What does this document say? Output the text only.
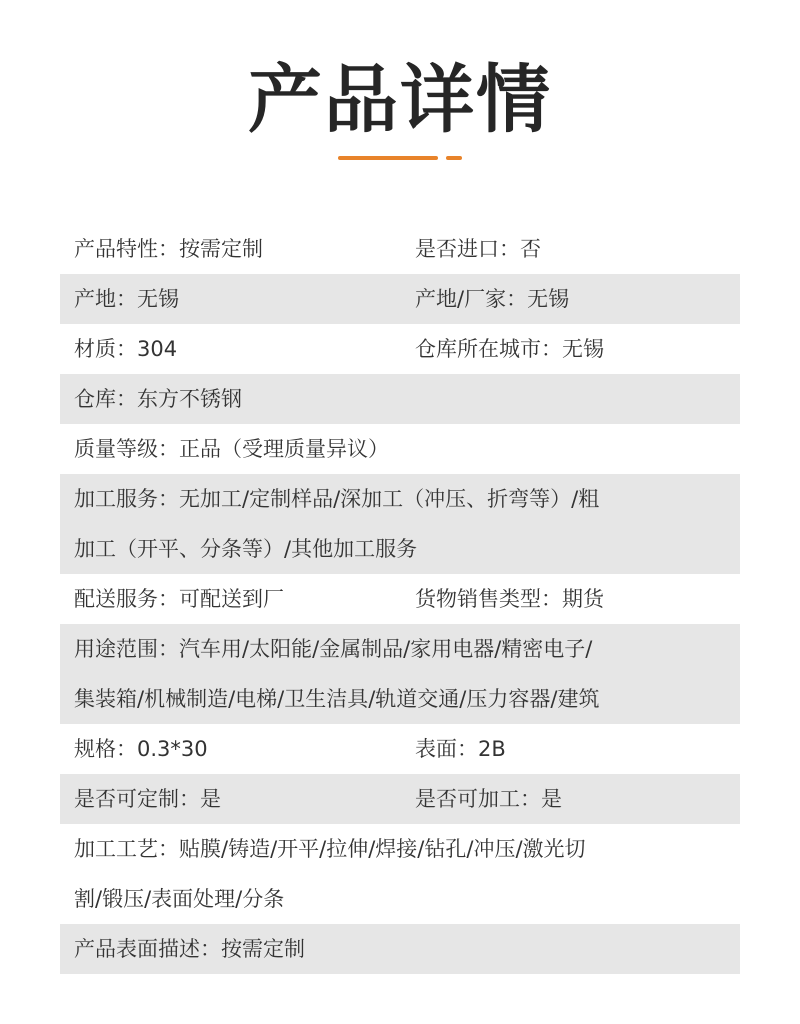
产品详情
产品特性：按需定制	是否进口：否
产地：无锡	产地/厂家：无锡
材质：304	仓库所在城市：无锡
仓库：东方不锈钢
质量等级：正品（受理质量异议）
加工服务：无加工/定制样品/深加工（冲压、折弯等）/粗
加工（开平、分条等）/其他加工服务
配送服务：可配送到厂	货物销售类型：期货
用途范围：汽车用/太阳能/金属制品/家用电器/精密电子/
集装箱/机械制造/电梯/卫生洁具/轨道交通/压力容器/建筑
规格：0.3*30	表面：2B
是否可定制：是	是否可加工：是
加工工艺：贴膜/铸造/开平/拉伸/焊接/钻孔/冲压/激光切
割/锻压/表面处理/分条
产品表面描述：按需定制
